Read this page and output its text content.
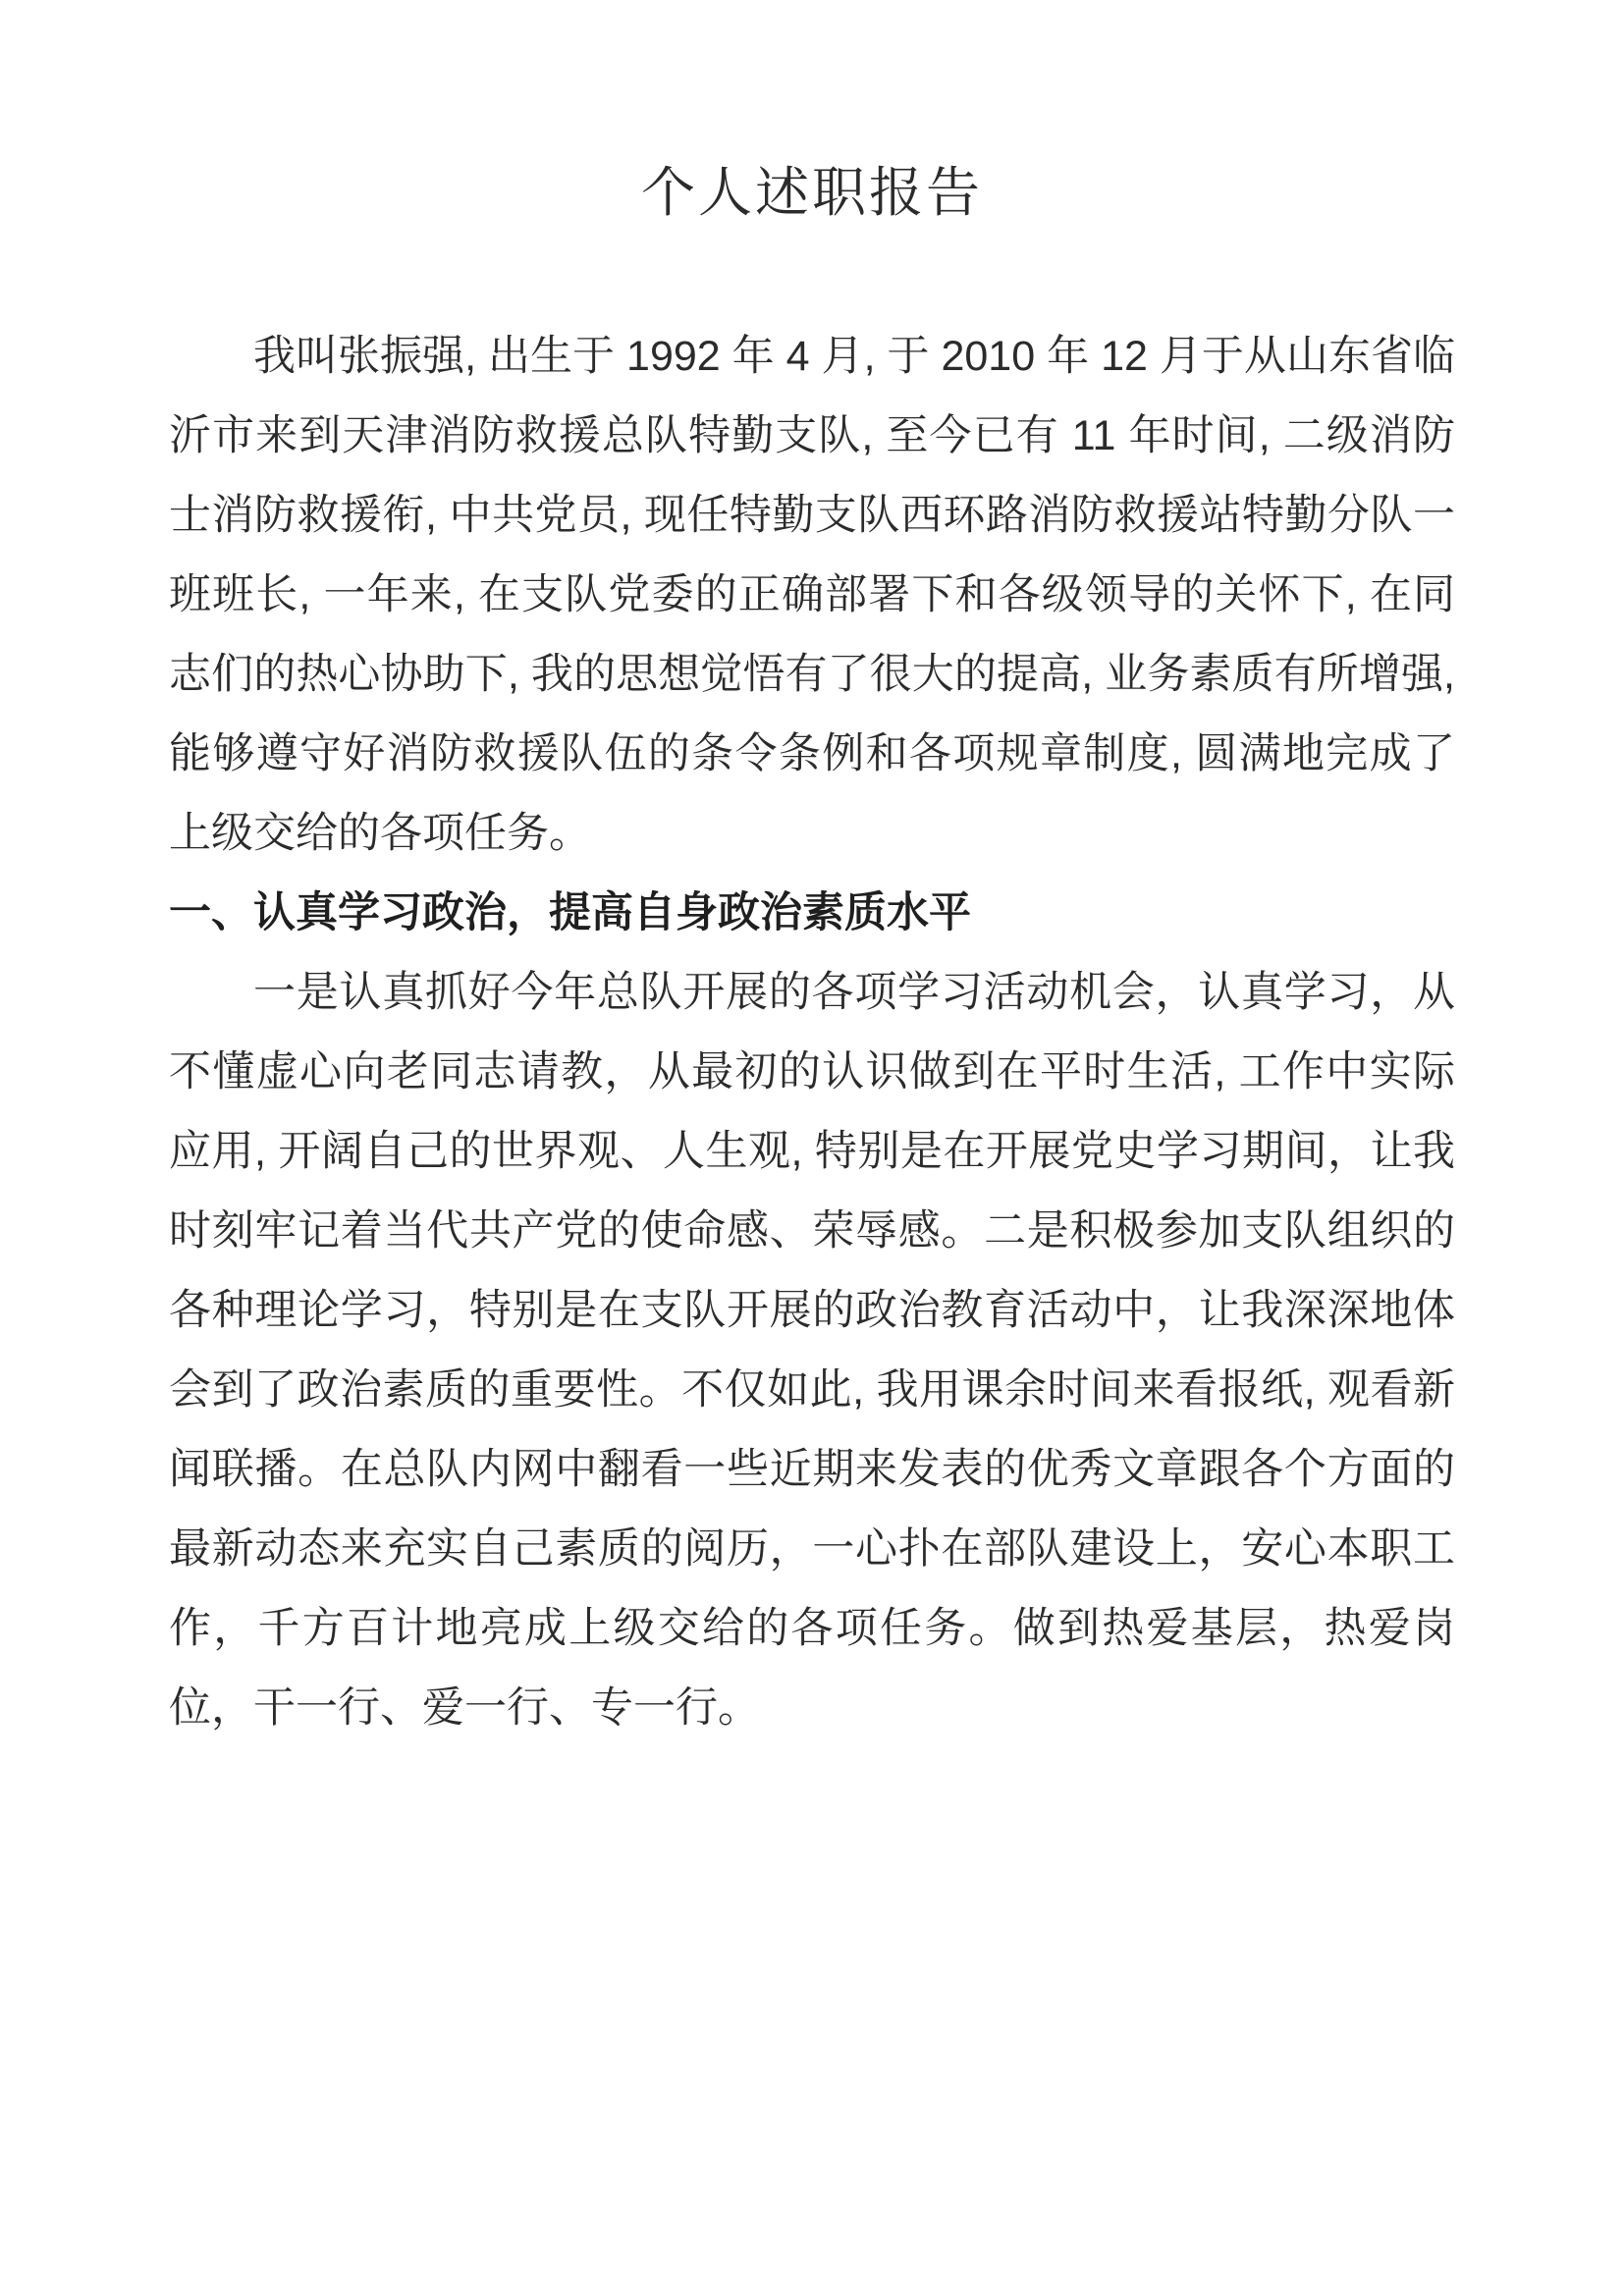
个人述职报告

我叫张振强, 出生于 1992 年 4 月, 于 2010 年 12 月于从山东省临沂市来到天津消防救援总队特勤支队, 至今已有 11 年时间, 二级消防士消防救援衔, 中共党员, 现任特勤支队西环路消防救援站特勤分队一班班长, 一年来, 在支队党委的正确部署下和各级领导的关怀下, 在同志们的热心协助下, 我的思想觉悟有了很大的提高, 业务素质有所增强, 能够遵守好消防救援队伍的条令条例和各项规章制度, 圆满地完成了上级交给的各项任务。

一、认真学习政治，提高自身政治素质水平

一是认真抓好今年总队开展的各项学习活动机会，认真学习，从不懂虚心向老同志请教，从最初的认识做到在平时生活, 工作中实际应用, 开阔自己的世界观、人生观, 特别是在开展党史学习期间，让我时刻牢记着当代共产党的使命感、荣辱感。二是积极参加支队组织的各种理论学习，特别是在支队开展的政治教育活动中，让我深深地体会到了政治素质的重要性。不仅如此, 我用课余时间来看报纸, 观看新闻联播。在总队内网中翻看一些近期来发表的优秀文章跟各个方面的最新动态来充实自己素质的阅历，一心扑在部队建设上，安心本职工作，千方百计地亮成上级交给的各项任务。做到热爱基层，热爱岗位，干一行、爱一行、专一行。
